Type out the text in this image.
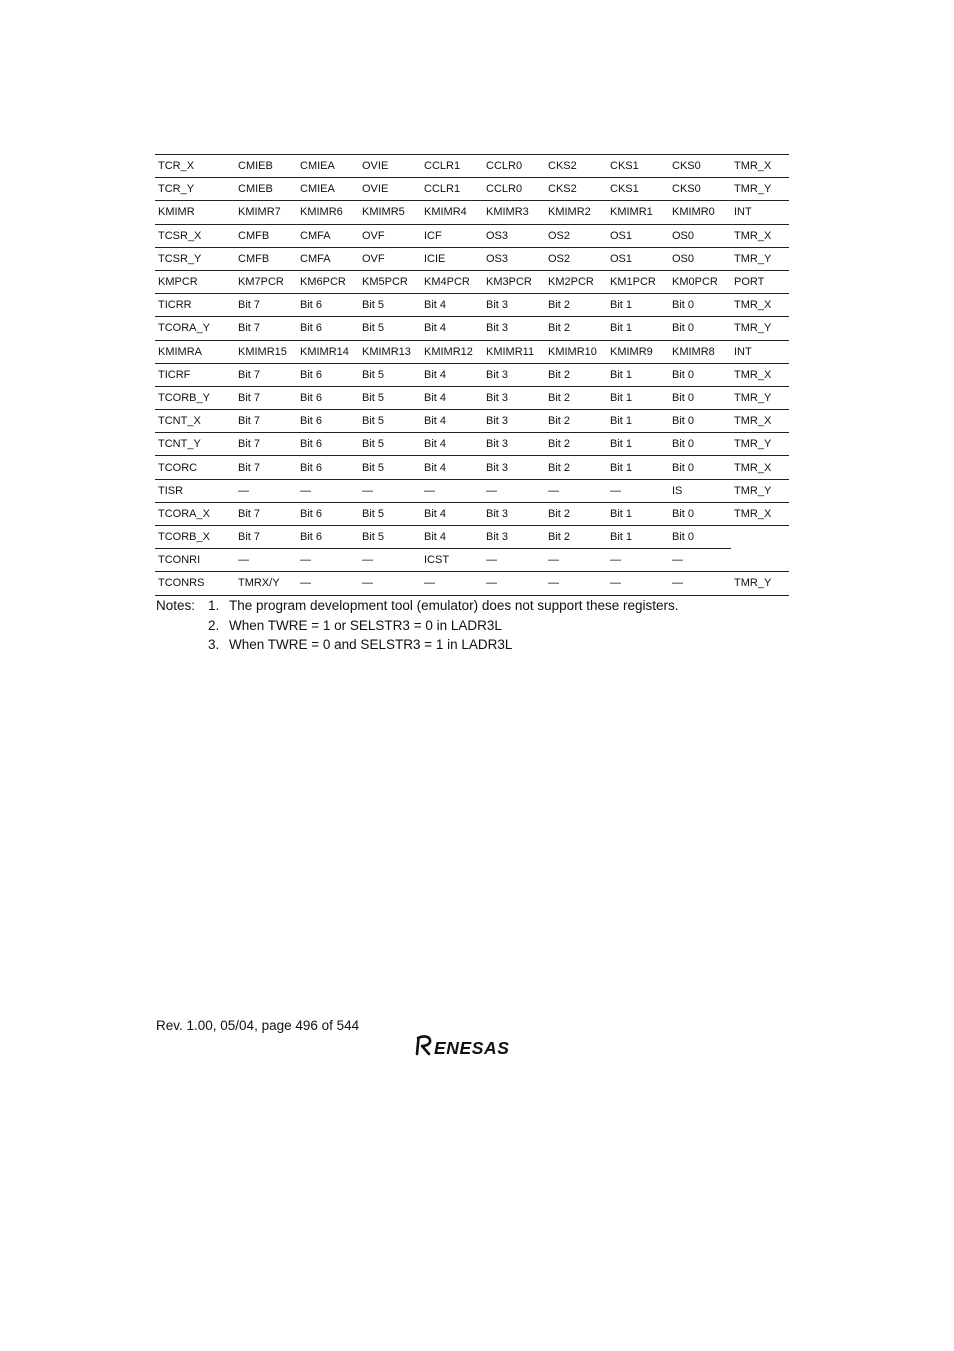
TCR_X	CMIEB	CMIEA	OVIE	CCLR1	CCLR0	CKS2	CKS1	CKS0	TMR_X
TCR_Y	CMIEB	CMIEA	OVIE	CCLR1	CCLR0	CKS2	CKS1	CKS0	TMR_Y
KMIMR	KMIMR7	KMIMR6	KMIMR5	KMIMR4	KMIMR3	KMIMR2	KMIMR1	KMIMR0	INT
TCSR_X	CMFB	CMFA	OVF	ICF	OS3	OS2	OS1	OS0	TMR_X
TCSR_Y	CMFB	CMFA	OVF	ICIE	OS3	OS2	OS1	OS0	TMR_Y
KMPCR	KM7PCR	KM6PCR	KM5PCR	KM4PCR	KM3PCR	KM2PCR	KM1PCR	KM0PCR	PORT
TICRR	Bit 7	Bit 6	Bit 5	Bit 4	Bit 3	Bit 2	Bit 1	Bit 0	TMR_X
TCORA_Y	Bit 7	Bit 6	Bit 5	Bit 4	Bit 3	Bit 2	Bit 1	Bit 0	TMR_Y
KMIMRA	KMIMR15	KMIMR14	KMIMR13	KMIMR12	KMIMR11	KMIMR10	KMIMR9	KMIMR8	INT
TICRF	Bit 7	Bit 6	Bit 5	Bit 4	Bit 3	Bit 2	Bit 1	Bit 0	TMR_X
TCORB_Y	Bit 7	Bit 6	Bit 5	Bit 4	Bit 3	Bit 2	Bit 1	Bit 0	TMR_Y
TCNT_X	Bit 7	Bit 6	Bit 5	Bit 4	Bit 3	Bit 2	Bit 1	Bit 0	TMR_X
TCNT_Y	Bit 7	Bit 6	Bit 5	Bit 4	Bit 3	Bit 2	Bit 1	Bit 0	TMR_Y
TCORC	Bit 7	Bit 6	Bit 5	Bit 4	Bit 3	Bit 2	Bit 1	Bit 0	TMR_X
TISR	—	—	—	—	—	—	—	IS	TMR_Y
TCORA_X	Bit 7	Bit 6	Bit 5	Bit 4	Bit 3	Bit 2	Bit 1	Bit 0	TMR_X
TCORB_X	Bit 7	Bit 6	Bit 5	Bit 4	Bit 3	Bit 2	Bit 1	Bit 0	
TCONRI	—	—	—	ICST	—	—	—	—	
TCONRS	TMRX/Y	—	—	—	—	—	—	—	TMR_Y
Notes: 1. The program development tool (emulator) does not support these registers.
2. When TWRE = 1 or SELSTR3 = 0 in LADR3L
3. When TWRE = 0 and SELSTR3 = 1 in LADR3L
Rev. 1.00, 05/04, page 496 of 544
ENESAS
